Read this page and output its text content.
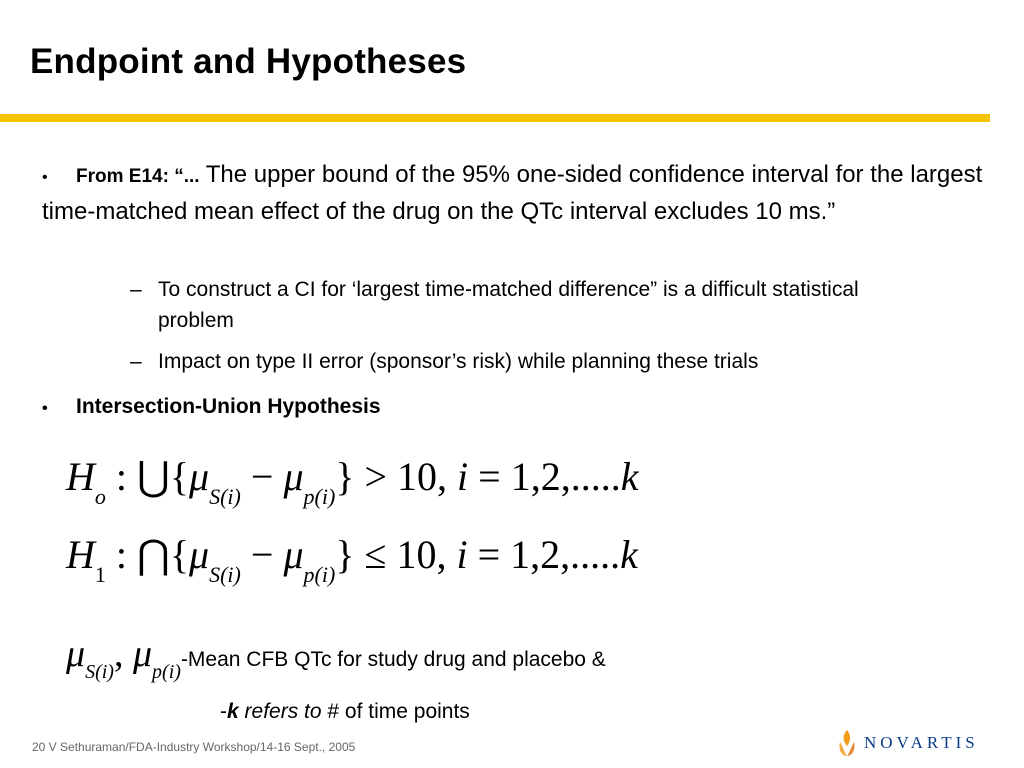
Endpoint and Hypotheses
• From E14: “... The upper bound of the 95% one-sided confidence interval for the largest time-matched mean effect of the drug on the QTc interval excludes 10 ms.”
– To construct a CI for ‘largest time-matched difference” is a difficult statistical problem
– Impact on type II error (sponsor’s risk) while planning these trials
• Intersection-Union Hypothesis
$H_o$ : $⋃\{\mu_{S(i)} - \mu_{p(i)}\} > 10$, i = 1,2,.....k
$H_1$ : $⋂\{\mu_{S(i)} - \mu_{p(i)}\} \le 10$, i = 1,2,.....k
$\mu_{S(i)}$, $\mu_{p(i)}$-Mean CFB QTc for study drug and placebo &
-k refers to # of time points
20 V Sethuraman/FDA-Industry Workshop/14-16 Sept., 2005	NOVARTIS
